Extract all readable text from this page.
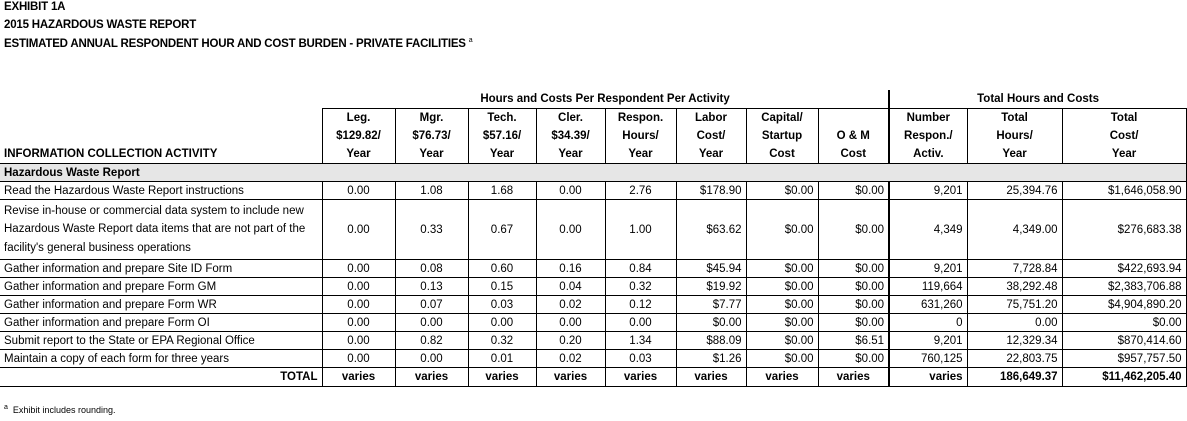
EXHIBIT 1A
2015 HAZARDOUS WASTE REPORT
ESTIMATED ANNUAL RESPONDENT HOUR AND COST BURDEN - PRIVATE FACILITIES $^a$
	Hours and Costs Per Respondent Per Activity								Total Hours and Costs		
	Leg.	Mgr.	Tech.	Cler.	Respon.	Labor	Capital/		Number	Total	Total
	$129.82/	$76.73/	$57.16/	$34.39/	Hours/	Cost/	Startup	O & M	Respon./	Hours/	Cost/
INFORMATION COLLECTION ACTIVITY	Year	Year	Year	Year	Year	Year	Cost	Cost	Activ.	Year	Year
Hazardous Waste Report											
Read the Hazardous Waste Report instructions	0.00	1.08	1.68	0.00	2.76	$178.90	$0.00	$0.00	9,201	25,394.76	$1,646,058.90
Revise in-house or commercial data system to include new Hazardous Waste Report data items that are not part of the facility's general business operations	0.00	0.33	0.67	0.00	1.00	$63.62	$0.00	$0.00	4,349	4,349.00	$276,683.38
Gather information and prepare Site ID Form	0.00	0.08	0.60	0.16	0.84	$45.94	$0.00	$0.00	9,201	7,728.84	$422,693.94
Gather information and prepare Form GM	0.00	0.13	0.15	0.04	0.32	$19.92	$0.00	$0.00	119,664	38,292.48	$2,383,706.88
Gather information and prepare Form WR	0.00	0.07	0.03	0.02	0.12	$7.77	$0.00	$0.00	631,260	75,751.20	$4,904,890.20
Gather information and prepare Form OI	0.00	0.00	0.00	0.00	0.00	$0.00	$0.00	$0.00	0	0.00	$0.00
Submit report to the State or EPA Regional Office	0.00	0.82	0.32	0.20	1.34	$88.09	$0.00	$6.51	9,201	12,329.34	$870,414.60
Maintain a copy of each form for three years	0.00	0.00	0.01	0.02	0.03	$1.26	$0.00	$0.00	760,125	22,803.75	$957,757.50
TOTAL	varies	varies	varies	varies	varies	varies	varies	varies	varies	186,649.37	$11,462,205.40
$^a$ Exhibit includes rounding.
